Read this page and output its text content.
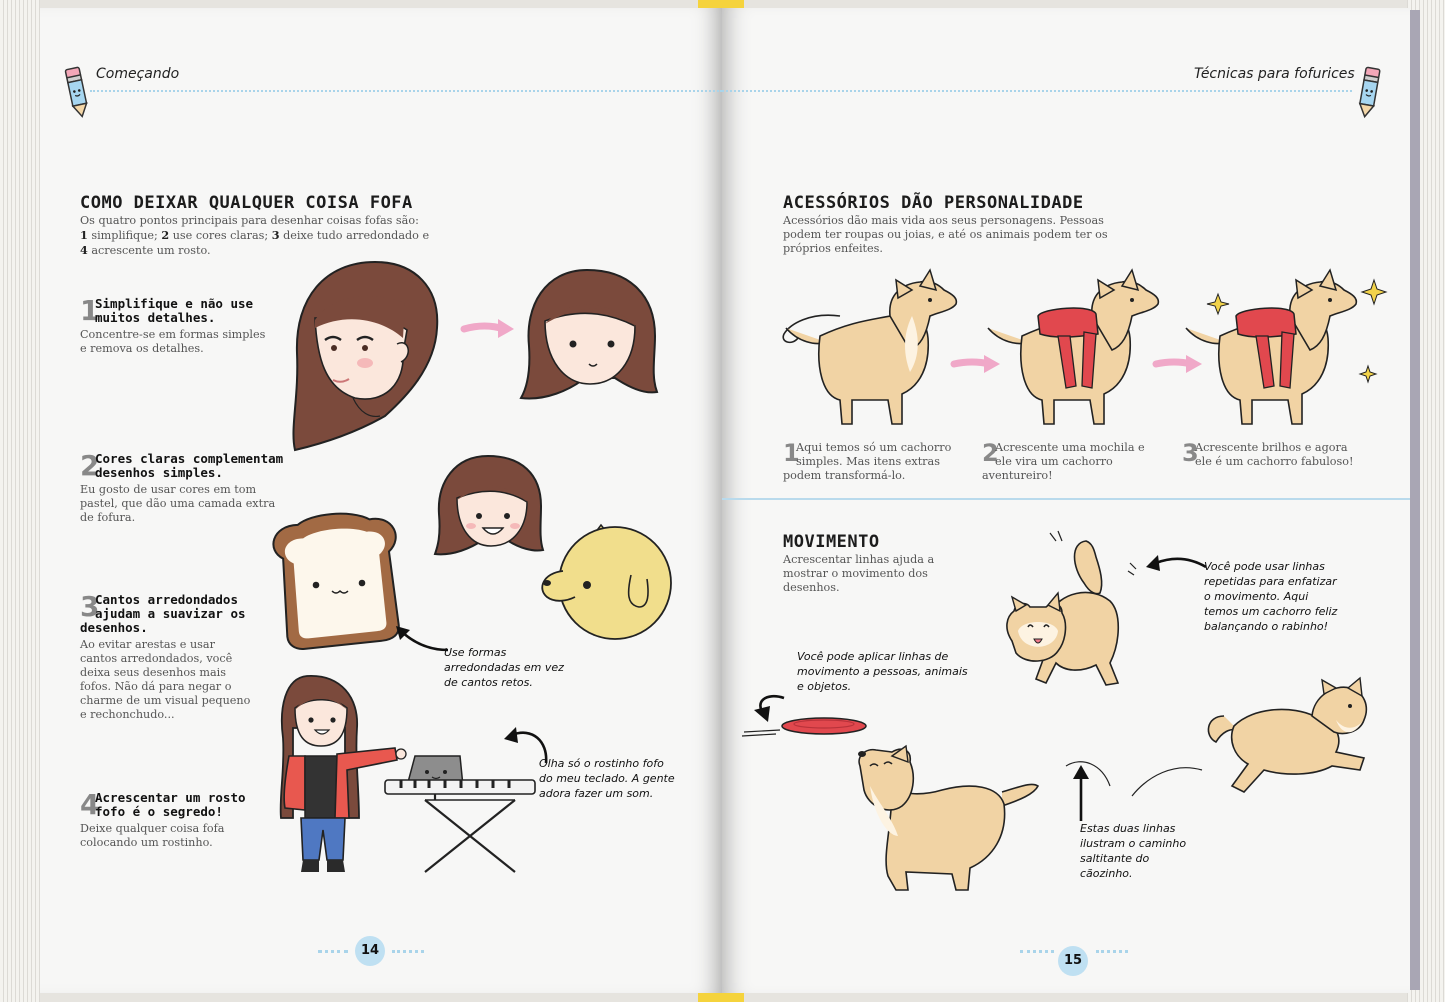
Começando
COMO DEIXAR QUALQUER COISA FOFA
Os quatro pontos principais para desenhar coisas fofas são:
1 simplifique; 2 use cores claras; 3 deixe tudo arredondado e
4 acrescente um rosto.
1
Simplifique e não use
muitos detalhes.
Concentre-se em formas simples
e remova os detalhes.
2
Cores claras complementam
desenhos simples.
Eu gosto de usar cores em tom
pastel, que dão uma camada extra
de fofura.
3
Cantos arredondados
ajudam a suavizar os
desenhos.
Ao evitar arestas e usar
cantos arredondados, você
deixa seus desenhos mais
fofos. Não dá para negar o
charme de um visual pequeno
e rechonchudo...
4
Acrescentar um rosto
fofo é o segredo!
Deixe qualquer coisa fofa
colocando um rostinho.
Use formas
arredondadas em vez
de cantos retos.
Olha só o rostinho fofo
do meu teclado. A gente
adora fazer um som.
14
Técnicas para fofurices
ACESSÓRIOS DÃO PERSONALIDADE
Acessórios dão mais vida aos seus personagens. Pessoas
podem ter roupas ou joias, e até os animais podem ter os
próprios enfeites.
1
Aqui temos só um cachorro
simples. Mas itens extras
podem transformá-lo.
2
Acrescente uma mochila e
ele vira um cachorro
aventureiro!
3
Acrescente brilhos e agora
ele é um cachorro fabuloso!
MOVIMENTO
Acrescentar linhas ajuda a
mostrar o movimento dos
desenhos.
Você pode usar linhas
repetidas para enfatizar
o movimento. Aqui
temos um cachorro feliz
balançando o rabinho!
Você pode aplicar linhas de
movimento a pessoas, animais
e objetos.
Estas duas linhas
ilustram o caminho
saltitante do
cãozinho.
15
